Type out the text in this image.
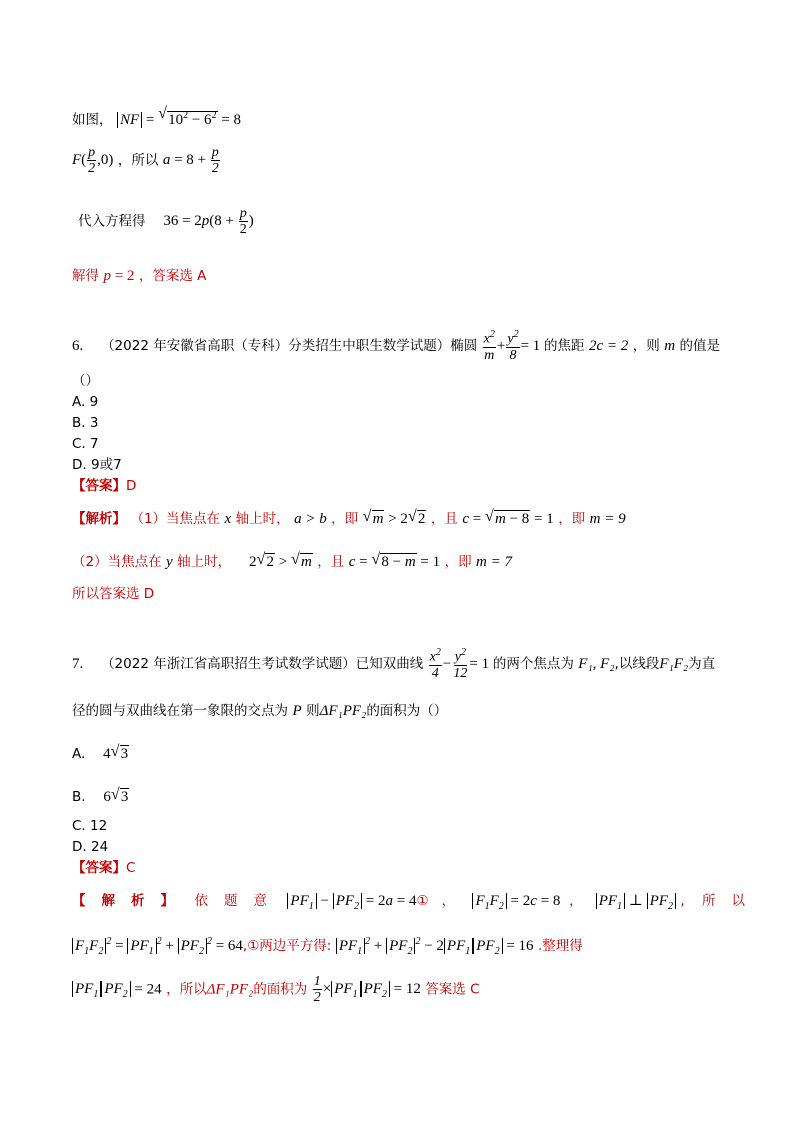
如图， NF = √ $10^2 - 6^2 = 8$
$F( \frac{p}{2} ,0)$ ，所以 $a = 8 + \frac{p}{2}$
代入方程得 $36 = 2p(8 + \frac{p}{2}$ )
解得 p = 2 ，答案选 A
6. （2022 年安徽省高职（专科）分类招生中职生数学试题）椭圆 $\frac{x^2}{m} + \frac{y^2}{8} = 1$ 的焦距 2c = 2 ，则 m 的值是
（）
A. 9
B. 3
C. 7
D. 9或7
【答案】D
【解析】 （1）当焦点在 x 轴上时， a > b ，即 √ m > 2 √ 2 ，且 c = √ m − 8 = 1 ，即 m = 9
（2）当焦点在 y 轴上时， 2 √ 2 > √ m ，且 c = √ 8 − m = 1 ，即 m = 7
所以答案选 D
7. （2022 年浙江省高职招生考试数学试题）已知双曲线 $\frac{x^2}{4} - \frac{y^2}{12} = 1$ 的两个焦点为 F₁, F₂,以线段F₁F₂为直
径的圆与双曲线在第一象限的交点为 P 则ΔF₁PF₂的面积为（）
A. 4 √ 3
B. 6 √ 3
C. 12
D. 24
【答案】C
【解析】 依题意 $PF_1 - PF_2 = 2a$ = 4①   ，    $F_1F_2 = 2c = 8$  ，   $PF_1$ ⊥ $PF_2$ ,    所以
$F_1F_2^2 = PF_1^2 + PF_2^2$ = 64,①两边平方得: $PF_1^2 + PF_2^2 - 2$ $PF_1$ $PF_2 = 16$ .整理得
$PF_1$ $PF_2 = 24$ ，所以ΔF₁PF₂的面积为 $\frac{1}{2} \times PF_1$ $PF_2 = 12$ 答案选 C
